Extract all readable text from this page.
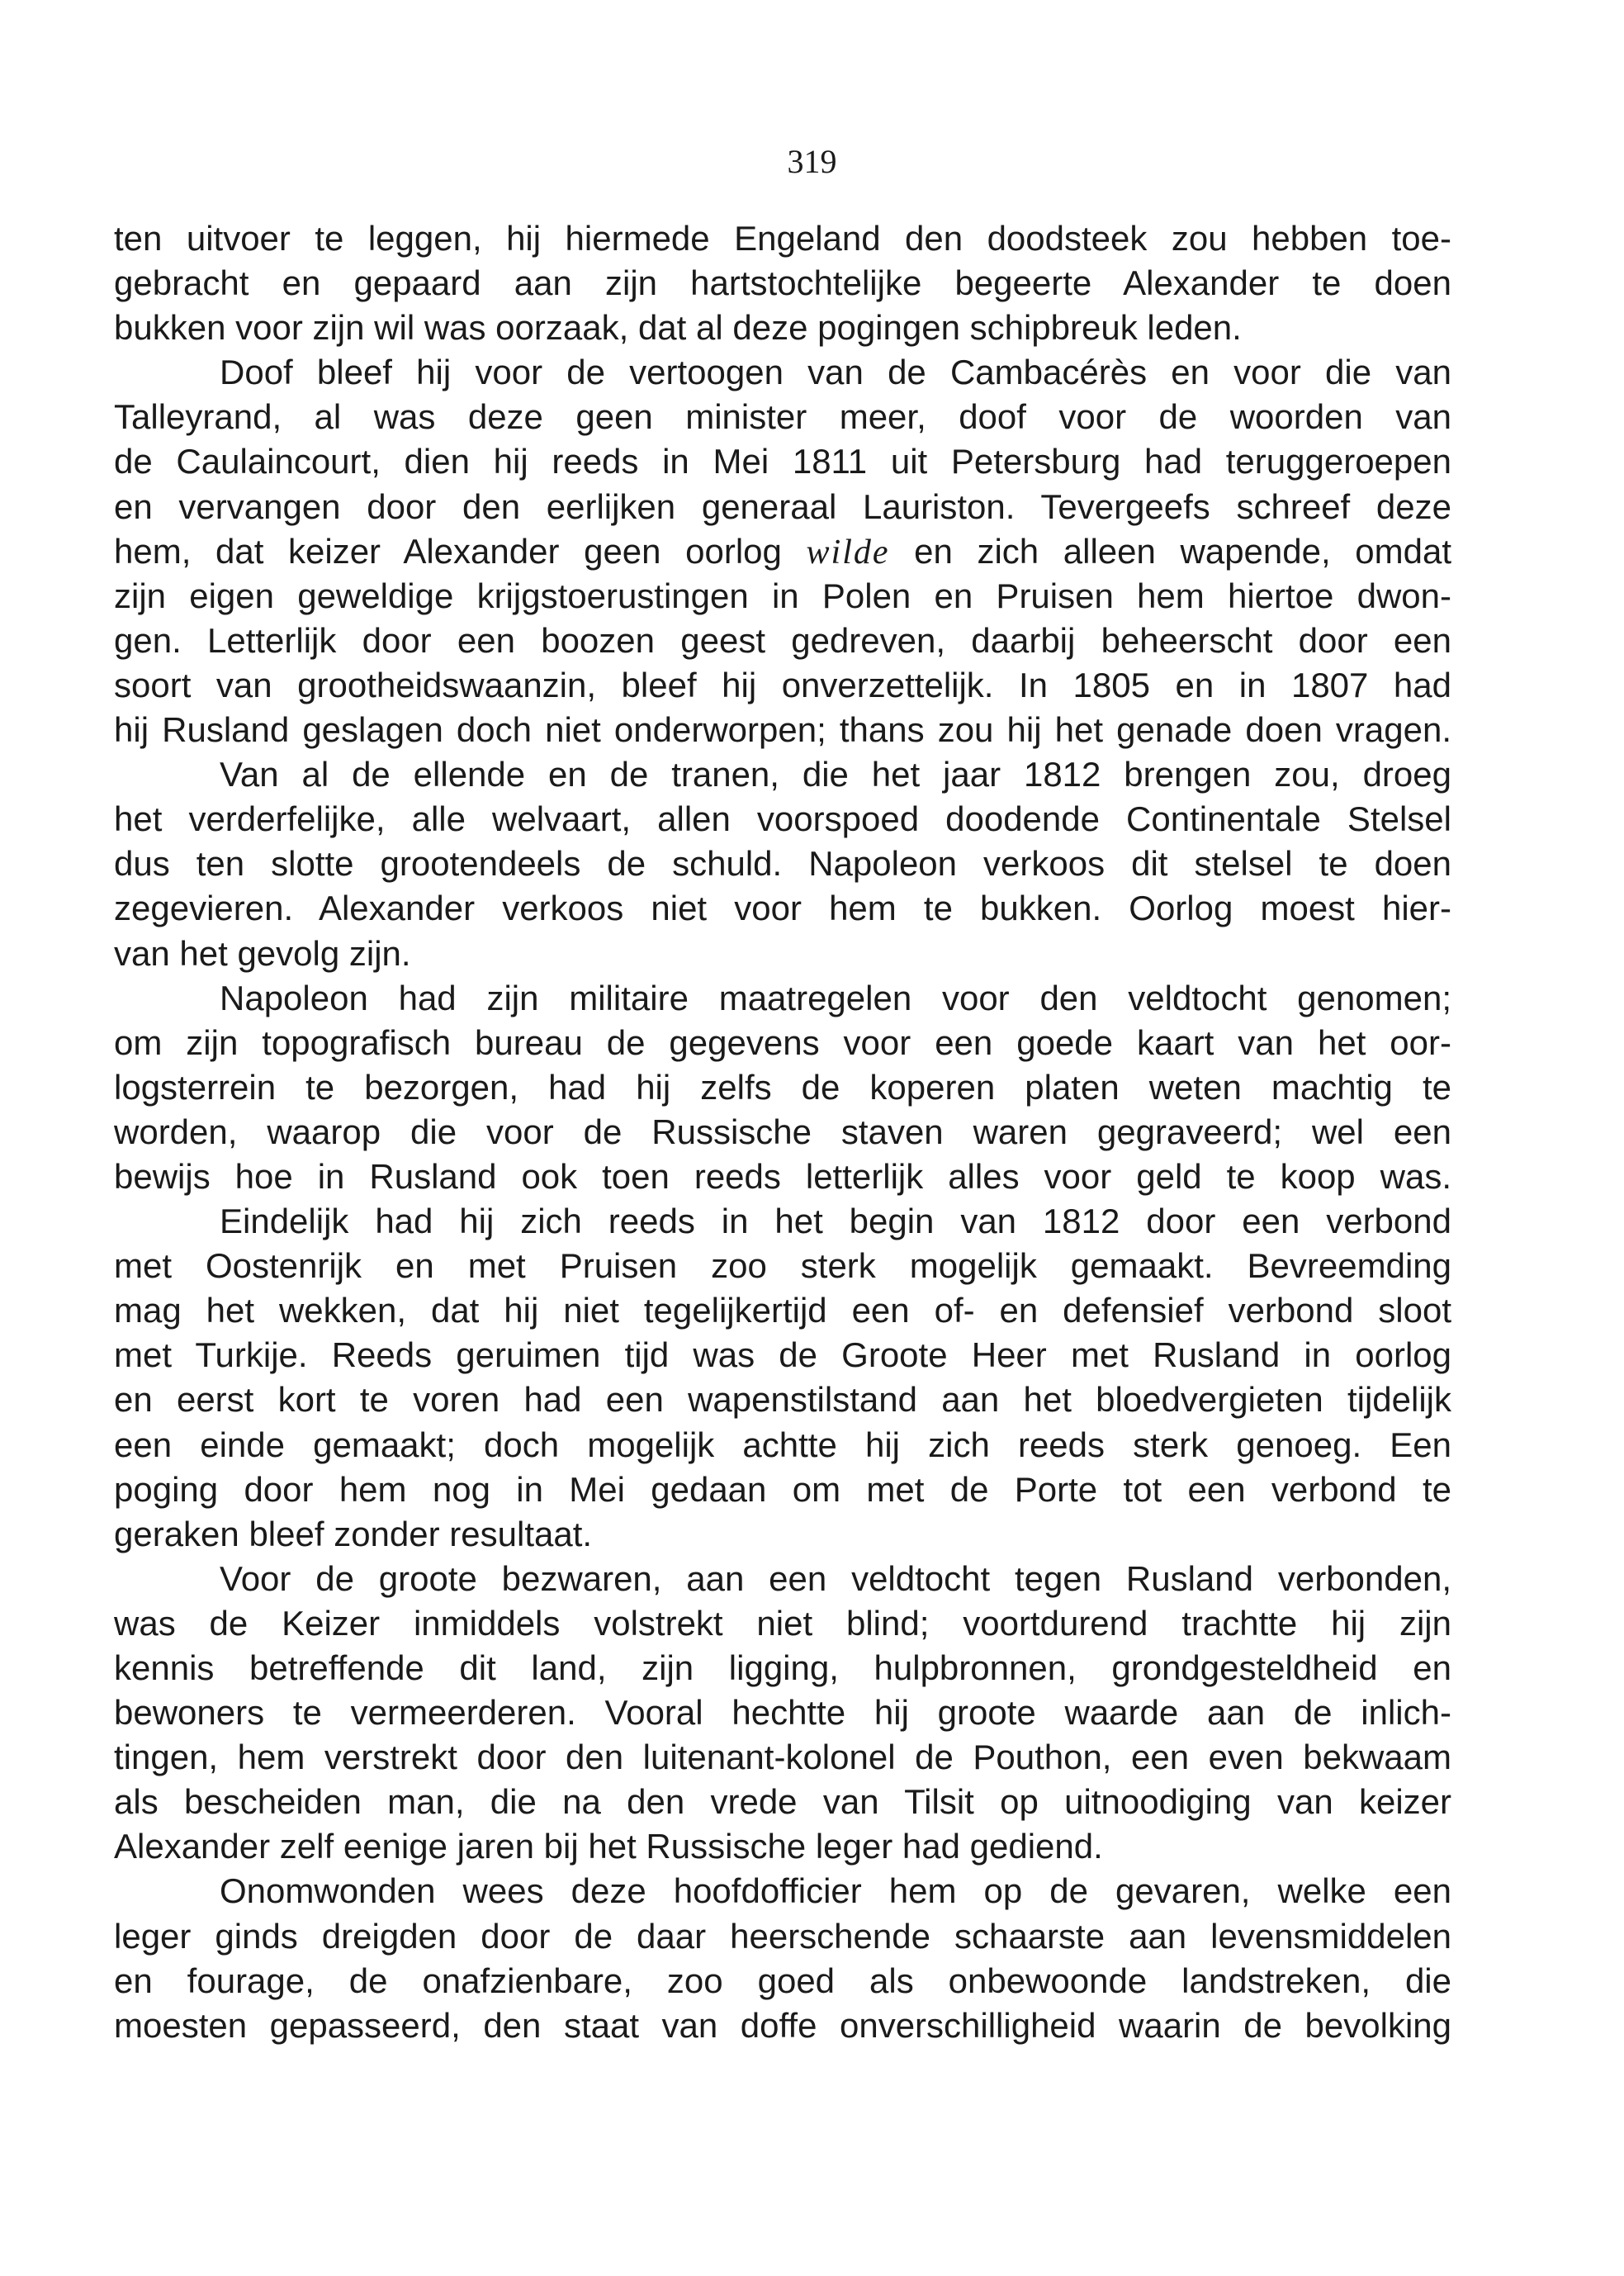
319
ten uitvoer te leggen, hij hiermede Engeland den doodsteek zou hebben toe-
gebracht en gepaard aan zijn hartstochtelijke begeerte Alexander te doen
bukken voor zijn wil was oorzaak, dat al deze pogingen schipbreuk leden.
Doof bleef hij voor de vertoogen van de Cambacérès en voor die van
Talleyrand, al was deze geen minister meer, doof voor de woorden van
de Caulaincourt, dien hij reeds in Mei 1811 uit Petersburg had teruggeroepen
en vervangen door den eerlijken generaal Lauriston. Tevergeefs schreef deze
hem, dat keizer Alexander geen oorlog wilde en zich alleen wapende, omdat
zijn eigen geweldige krijgstoerustingen in Polen en Pruisen hem hiertoe dwon-
gen. Letterlijk door een boozen geest gedreven, daarbij beheerscht door een
soort van grootheidswaanzin, bleef hij onverzettelijk. In 1805 en in 1807 had
hij Rusland geslagen doch niet onderworpen; thans zou hij het genade doen vragen.
Van al de ellende en de tranen, die het jaar 1812 brengen zou, droeg
het verderfelijke, alle welvaart, allen voorspoed doodende Continentale Stelsel
dus ten slotte grootendeels de schuld. Napoleon verkoos dit stelsel te doen
zegevieren. Alexander verkoos niet voor hem te bukken. Oorlog moest hier-
van het gevolg zijn.
Napoleon had zijn militaire maatregelen voor den veldtocht genomen;
om zijn topografisch bureau de gegevens voor een goede kaart van het oor-
logsterrein te bezorgen, had hij zelfs de koperen platen weten machtig te
worden, waarop die voor de Russische staven waren gegraveerd; wel een
bewijs hoe in Rusland ook toen reeds letterlijk alles voor geld te koop was.
Eindelijk had hij zich reeds in het begin van 1812 door een verbond
met Oostenrijk en met Pruisen zoo sterk mogelijk gemaakt. Bevreemding
mag het wekken, dat hij niet tegelijkertijd een of- en defensief verbond sloot
met Turkije. Reeds geruimen tijd was de Groote Heer met Rusland in oorlog
en eerst kort te voren had een wapenstilstand aan het bloedvergieten tijdelijk
een einde gemaakt; doch mogelijk achtte hij zich reeds sterk genoeg. Een
poging door hem nog in Mei gedaan om met de Porte tot een verbond te
geraken bleef zonder resultaat.
Voor de groote bezwaren, aan een veldtocht tegen Rusland verbonden,
was de Keizer inmiddels volstrekt niet blind; voortdurend trachtte hij zijn
kennis betreffende dit land, zijn ligging, hulpbronnen, grondgesteldheid en
bewoners te vermeerderen. Vooral hechtte hij groote waarde aan de inlich-
tingen, hem verstrekt door den luitenant-kolonel de Pouthon, een even bekwaam
als bescheiden man, die na den vrede van Tilsit op uitnoodiging van keizer
Alexander zelf eenige jaren bij het Russische leger had gediend.
Onomwonden wees deze hoofdofficier hem op de gevaren, welke een
leger ginds dreigden door de daar heerschende schaarste aan levensmiddelen
en fourage, de onafzienbare, zoo goed als onbewoonde landstreken, die
moesten gepasseerd, den staat van doffe onverschilligheid waarin de bevolking
